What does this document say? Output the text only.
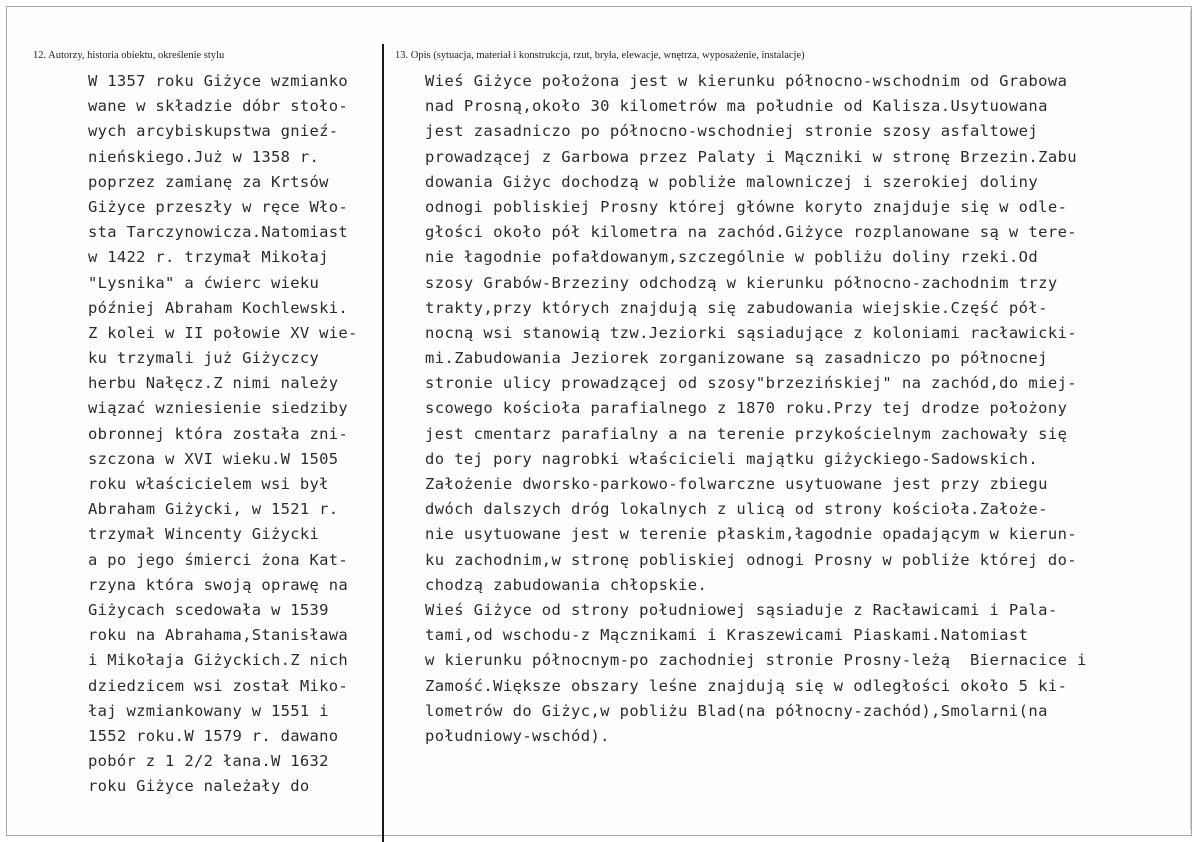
12. Autorzy, historia obiektu, określenie stylu	13. Opis (sytuacja, materiał i konstrukcja, rzut, bryła, elewacje, wnętrza, wyposażenie, instalacje)
W 1357 roku Giżyce wzmianko
wane w składzie dóbr stoło-
wych arcybiskupstwa gnieź-
nieńskiego.Już w 1358 r.
poprzez zamianę za Krtsów
Giżyce przeszły w ręce Wło-
sta Tarczynowicza.Natomiast
w 1422 r. trzymał Mikołaj
"Lysnika" a ćwierc wieku
później Abraham Kochlewski.
Z kolei w II połowie XV wie-
ku trzymali już Giżyczcy
herbu Nałęcz.Z nimi należy
wiązać wzniesienie siedziby
obronnej która została zni-
szczona w XVI wieku.W 1505
roku właścicielem wsi był
Abraham Giżycki, w 1521 r.
trzymał Wincenty Giżycki
a po jego śmierci żona Kat-
rzyna która swoją oprawę na
Giżycach scedowała w 1539
roku na Abrahama,Stanisława
i Mikołaja Giżyckich.Z nich
dziedzicem wsi został Miko-
łaj wzmiankowany w 1551 i
1552 roku.W 1579 r. dawano
pobór z 1 2/2 łana.W 1632
roku Giżyce należały do
Wieś Giżyce położona jest w kierunku północno-wschodnim od Grabowa
nad Prosną,około 30 kilometrów ma południe od Kalisza.Usytuowana
jest zasadniczo po północno-wschodniej stronie szosy asfaltowej
prowadzącej z Garbowa przez Palaty i Mączniki w stronę Brzezin.Zabu
dowania Giżyc dochodzą w pobliże malowniczej i szerokiej doliny
odnogi pobliskiej Prosny której główne koryto znajduje się w odle-
głości około pół kilometra na zachód.Giżyce rozplanowane są w tere-
nie łagodnie pofałdowanym,szczególnie w pobliżu doliny rzeki.Od
szosy Grabów-Brzeziny odchodzą w kierunku północno-zachodnim trzy
trakty,przy których znajdują się zabudowania wiejskie.Część pół-
nocną wsi stanowią tzw.Jeziorki sąsiadujące z koloniami racławicki-
mi.Zabudowania Jeziorek zorganizowane są zasadniczo po północnej
stronie ulicy prowadzącej od szosy"brzezińskiej" na zachód,do miej-
scowego kościoła parafialnego z 1870 roku.Przy tej drodze położony
jest cmentarz parafialny a na terenie przykościelnym zachowały się
do tej pory nagrobki właścicieli majątku giżyckiego-Sadowskich.
Założenie dworsko-parkowo-folwarczne usytuowane jest przy zbiegu
dwóch dalszych dróg lokalnych z ulicą od strony kościoła.Założe-
nie usytuowane jest w terenie płaskim,łagodnie opadającym w kierun-
ku zachodnim,w stronę pobliskiej odnogi Prosny w pobliże której do-
chodzą zabudowania chłopskie.
Wieś Giżyce od strony południowej sąsiaduje z Racławicami i Pala-
tami,od wschodu-z Mącznikami i Kraszewicami Piaskami.Natomiast
w kierunku północnym-po zachodniej stronie Prosny-leżą  Biernacice i
Zamość.Większe obszary leśne znajdują się w odległości około 5 ki-
lometrów do Giżyc,w pobliżu Blad(na północny-zachód),Smolarni(na
południowy-wschód).
